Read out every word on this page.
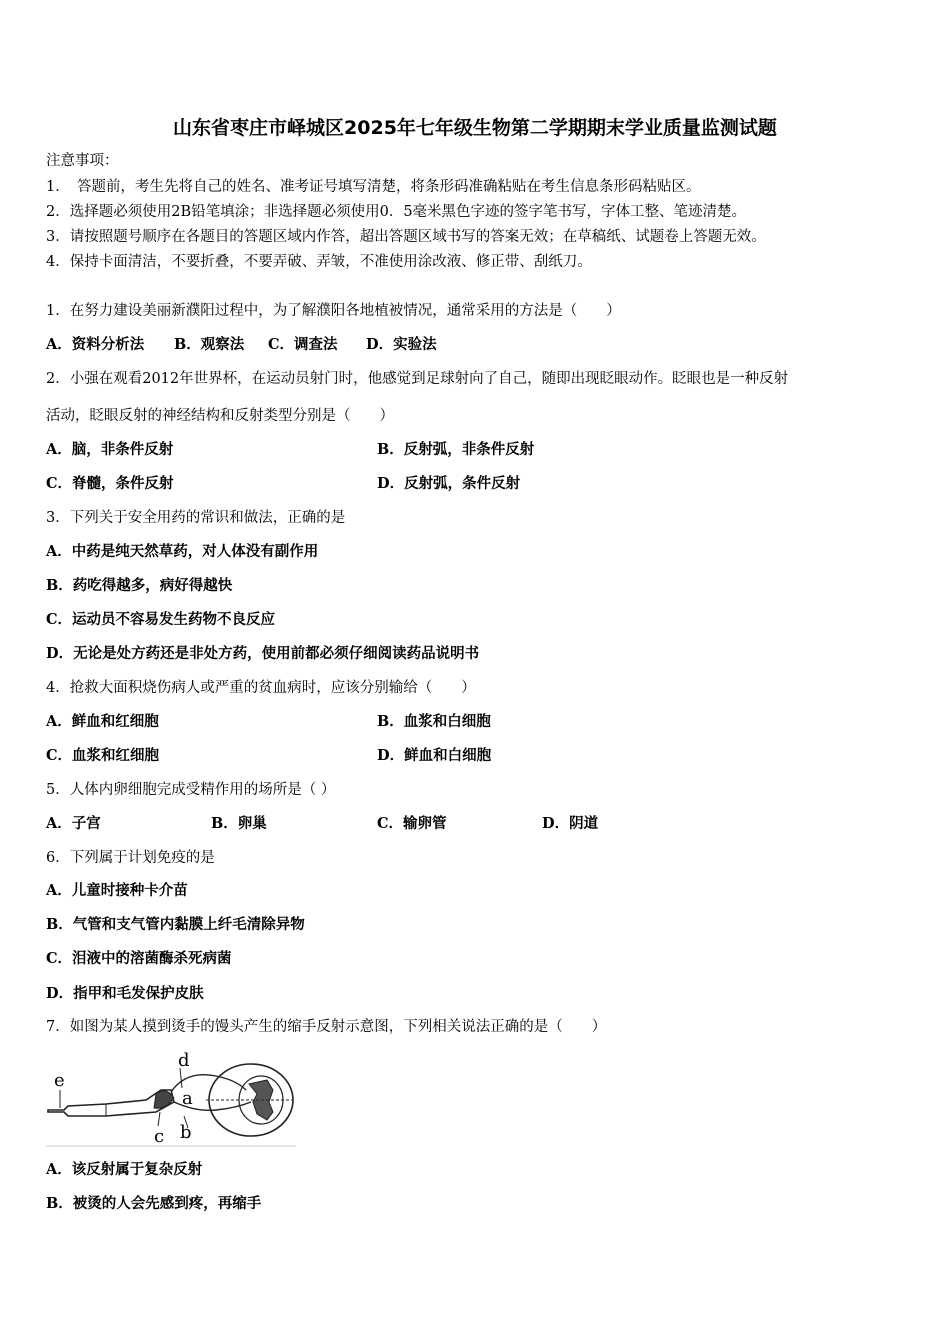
山东省枣庄市峄城区2025年七年级生物第二学期期末学业质量监测试题
注意事项：
1．　答题前，考生先将自己的姓名、准考证号填写清楚，将条形码准确粘贴在考生信息条形码粘贴区。
2．选择题必须使用2B铅笔填涂；非选择题必须使用0．5毫米黑色字迹的签字笔书写，字体工整、笔迹清楚。
3．请按照题号顺序在各题目的答题区域内作答，超出答题区域书写的答案无效；在草稿纸、试题卷上答题无效。
4．保持卡面清洁，不要折叠，不要弄破、弄皱，不准使用涂改液、修正带、刮纸刀。
1．在努力建设美丽新濮阳过程中，为了解濮阳各地植被情况，通常采用的方法是（　　）
A．资料分析法 B．观察法 C．调查法 D．实验法
2．小强在观看2012年世界杯，在运动员射门时，他感觉到足球射向了自己，随即出现眨眼动作。眨眼也是一种反射
活动，眨眼反射的神经结构和反射类型分别是（　　）
A．脑，非条件反射	B．反射弧，非条件反射
C．脊髓，条件反射	D．反射弧，条件反射
3．下列关于安全用药的常识和做法，正确的是
A．中药是纯天然草药，对人体没有副作用
B．药吃得越多，病好得越快
C．运动员不容易发生药物不良反应
D．无论是处方药还是非处方药，使用前都必须仔细阅读药品说明书
4．抢救大面积烧伤病人或严重的贫血病时，应该分别输给（　　）
A．鲜血和红细胞	B．血浆和白细胞
C．血浆和红细胞	D．鲜血和白细胞
5．人体内卵细胞完成受精作用的场所是（ ）
A．子宫	B．卵巢	C．输卵管	D．阴道
6．下列属于计划免疫的是
A．儿童时接种卡介苗
B．气管和支气管内黏膜上纤毛清除异物
C．泪液中的溶菌酶杀死病菌
D．指甲和毛发保护皮肤
7．如图为某人摸到烫手的馒头产生的缩手反射示意图，下列相关说法正确的是（　　）
d
e
a
c b
A．该反射属于复杂反射
B．被烫的人会先感到疼，再缩手
